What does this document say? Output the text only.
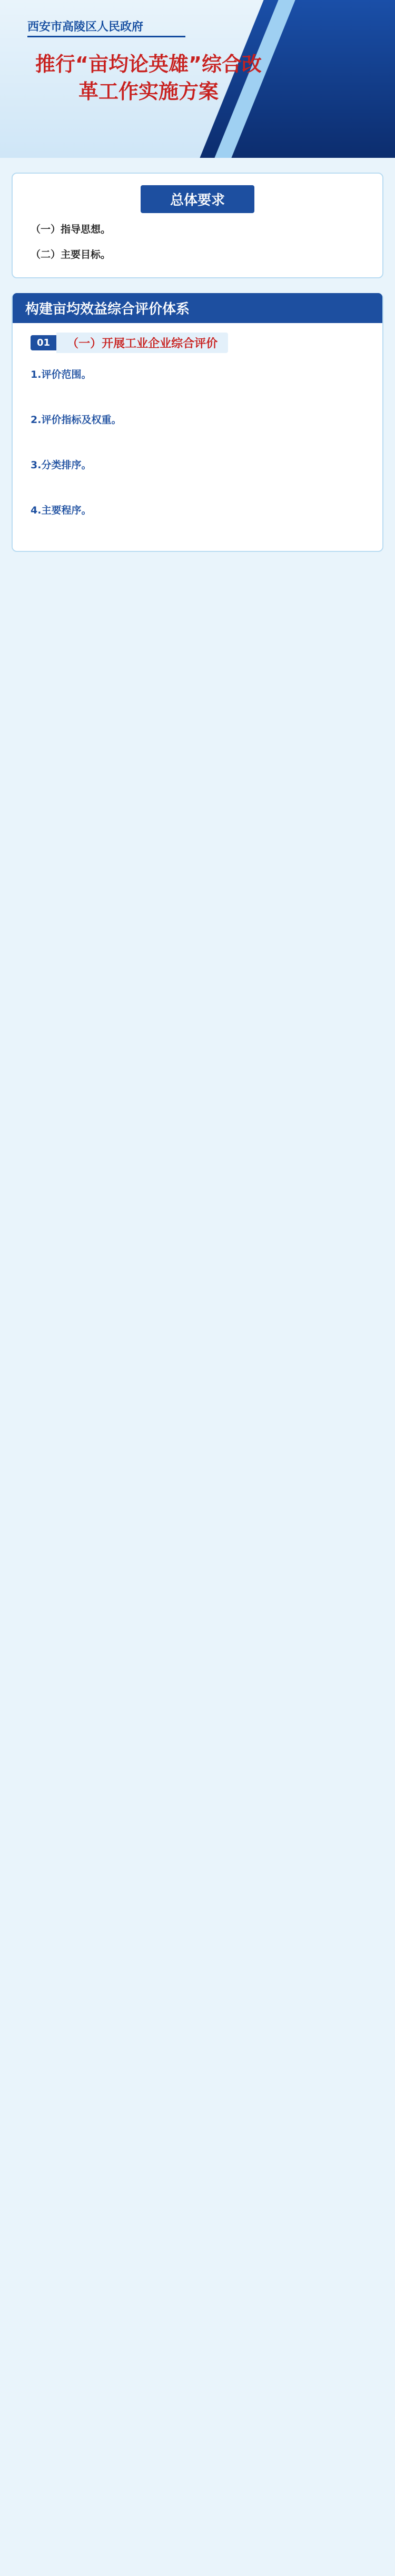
西安市高陵区人民政府
推行“亩均论英雄”综合改革工作实施方案
总体要求
（一）指导思想。
（二）主要目标。
构建亩均效益综合评价体系
01	（一）开展工业企业综合评价
1.评价范围。
2.评价指标及权重。
3.分类排序。
4.主要程序。
